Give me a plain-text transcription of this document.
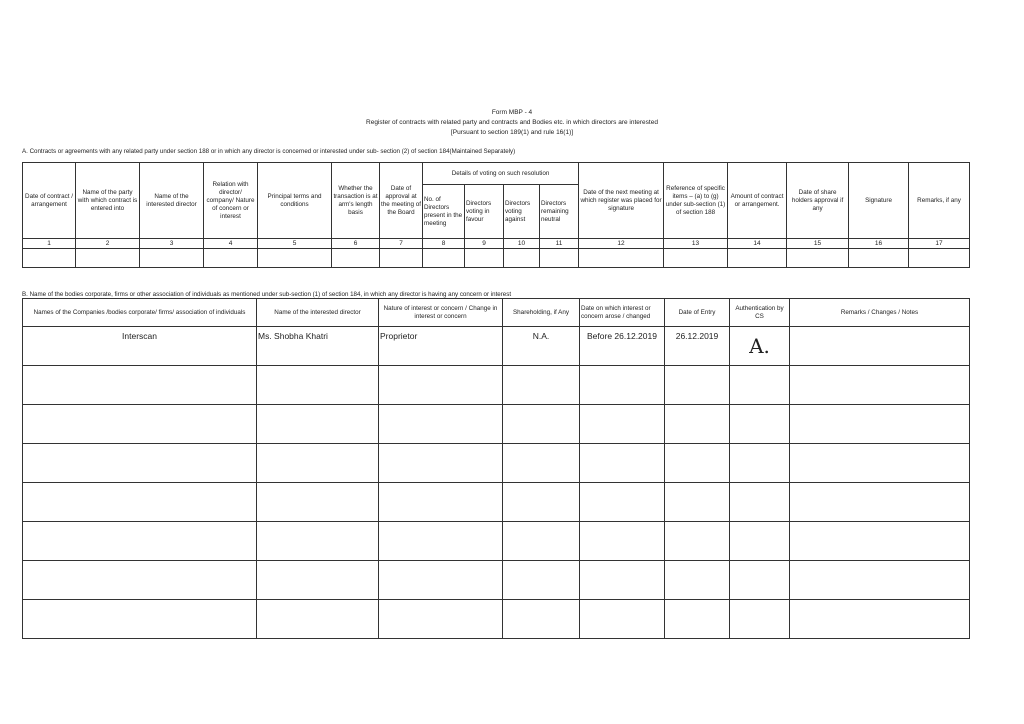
Form MBP - 4
Register of contracts with related party and contracts and Bodies etc. in which directors are interested
[Pursuant to section 189(1) and rule 16(1)]
A. Contracts or agreements with any related party under section 188 or in which any director is concerned or interested under sub- section (2) of section 184(Maintained Separately)
Date of contract / arrangement	Name of the party with which contract is entered into	Name of the interested director	Relation with director/ company/ Nature of concern or interest	Principal terms and conditions	Whether the transaction is at arm's length basis	Date of approval at the meeting of the Board	Details of voting on such resolution				Date of the next meeting at which register was placed for signature	Reference of specific items – (a) to (g) under sub-section (1) of section 188	Amount of contract or arrangement.	Date of share holders approval if any	Signature	Remarks, if any
							No. of Directors present in the meeting	Directors voting in favour	Directors voting against	Directors remaining neutral						
1	2	3	4	5	6	7	8	9	10	11	12	13	14	15	16	17

B. Name of the bodies corporate, firms or other association of individuals as mentioned under sub-section (1) of section 184, in which any director is having any concern or interest
Names of the Companies /bodies corporate/ firms/ association of individuals	Name of the interested director	Nature of interest or concern / Change in interest or concern	Shareholding, if Any	Date on which interest or concern arose / changed	Date of Entry	Authentication by CS	Remarks / Changes / Notes
Interscan	Ms. Shobha Khatri	Proprietor	N.A.	Before 26.12.2019	26.12.2019	A.	
